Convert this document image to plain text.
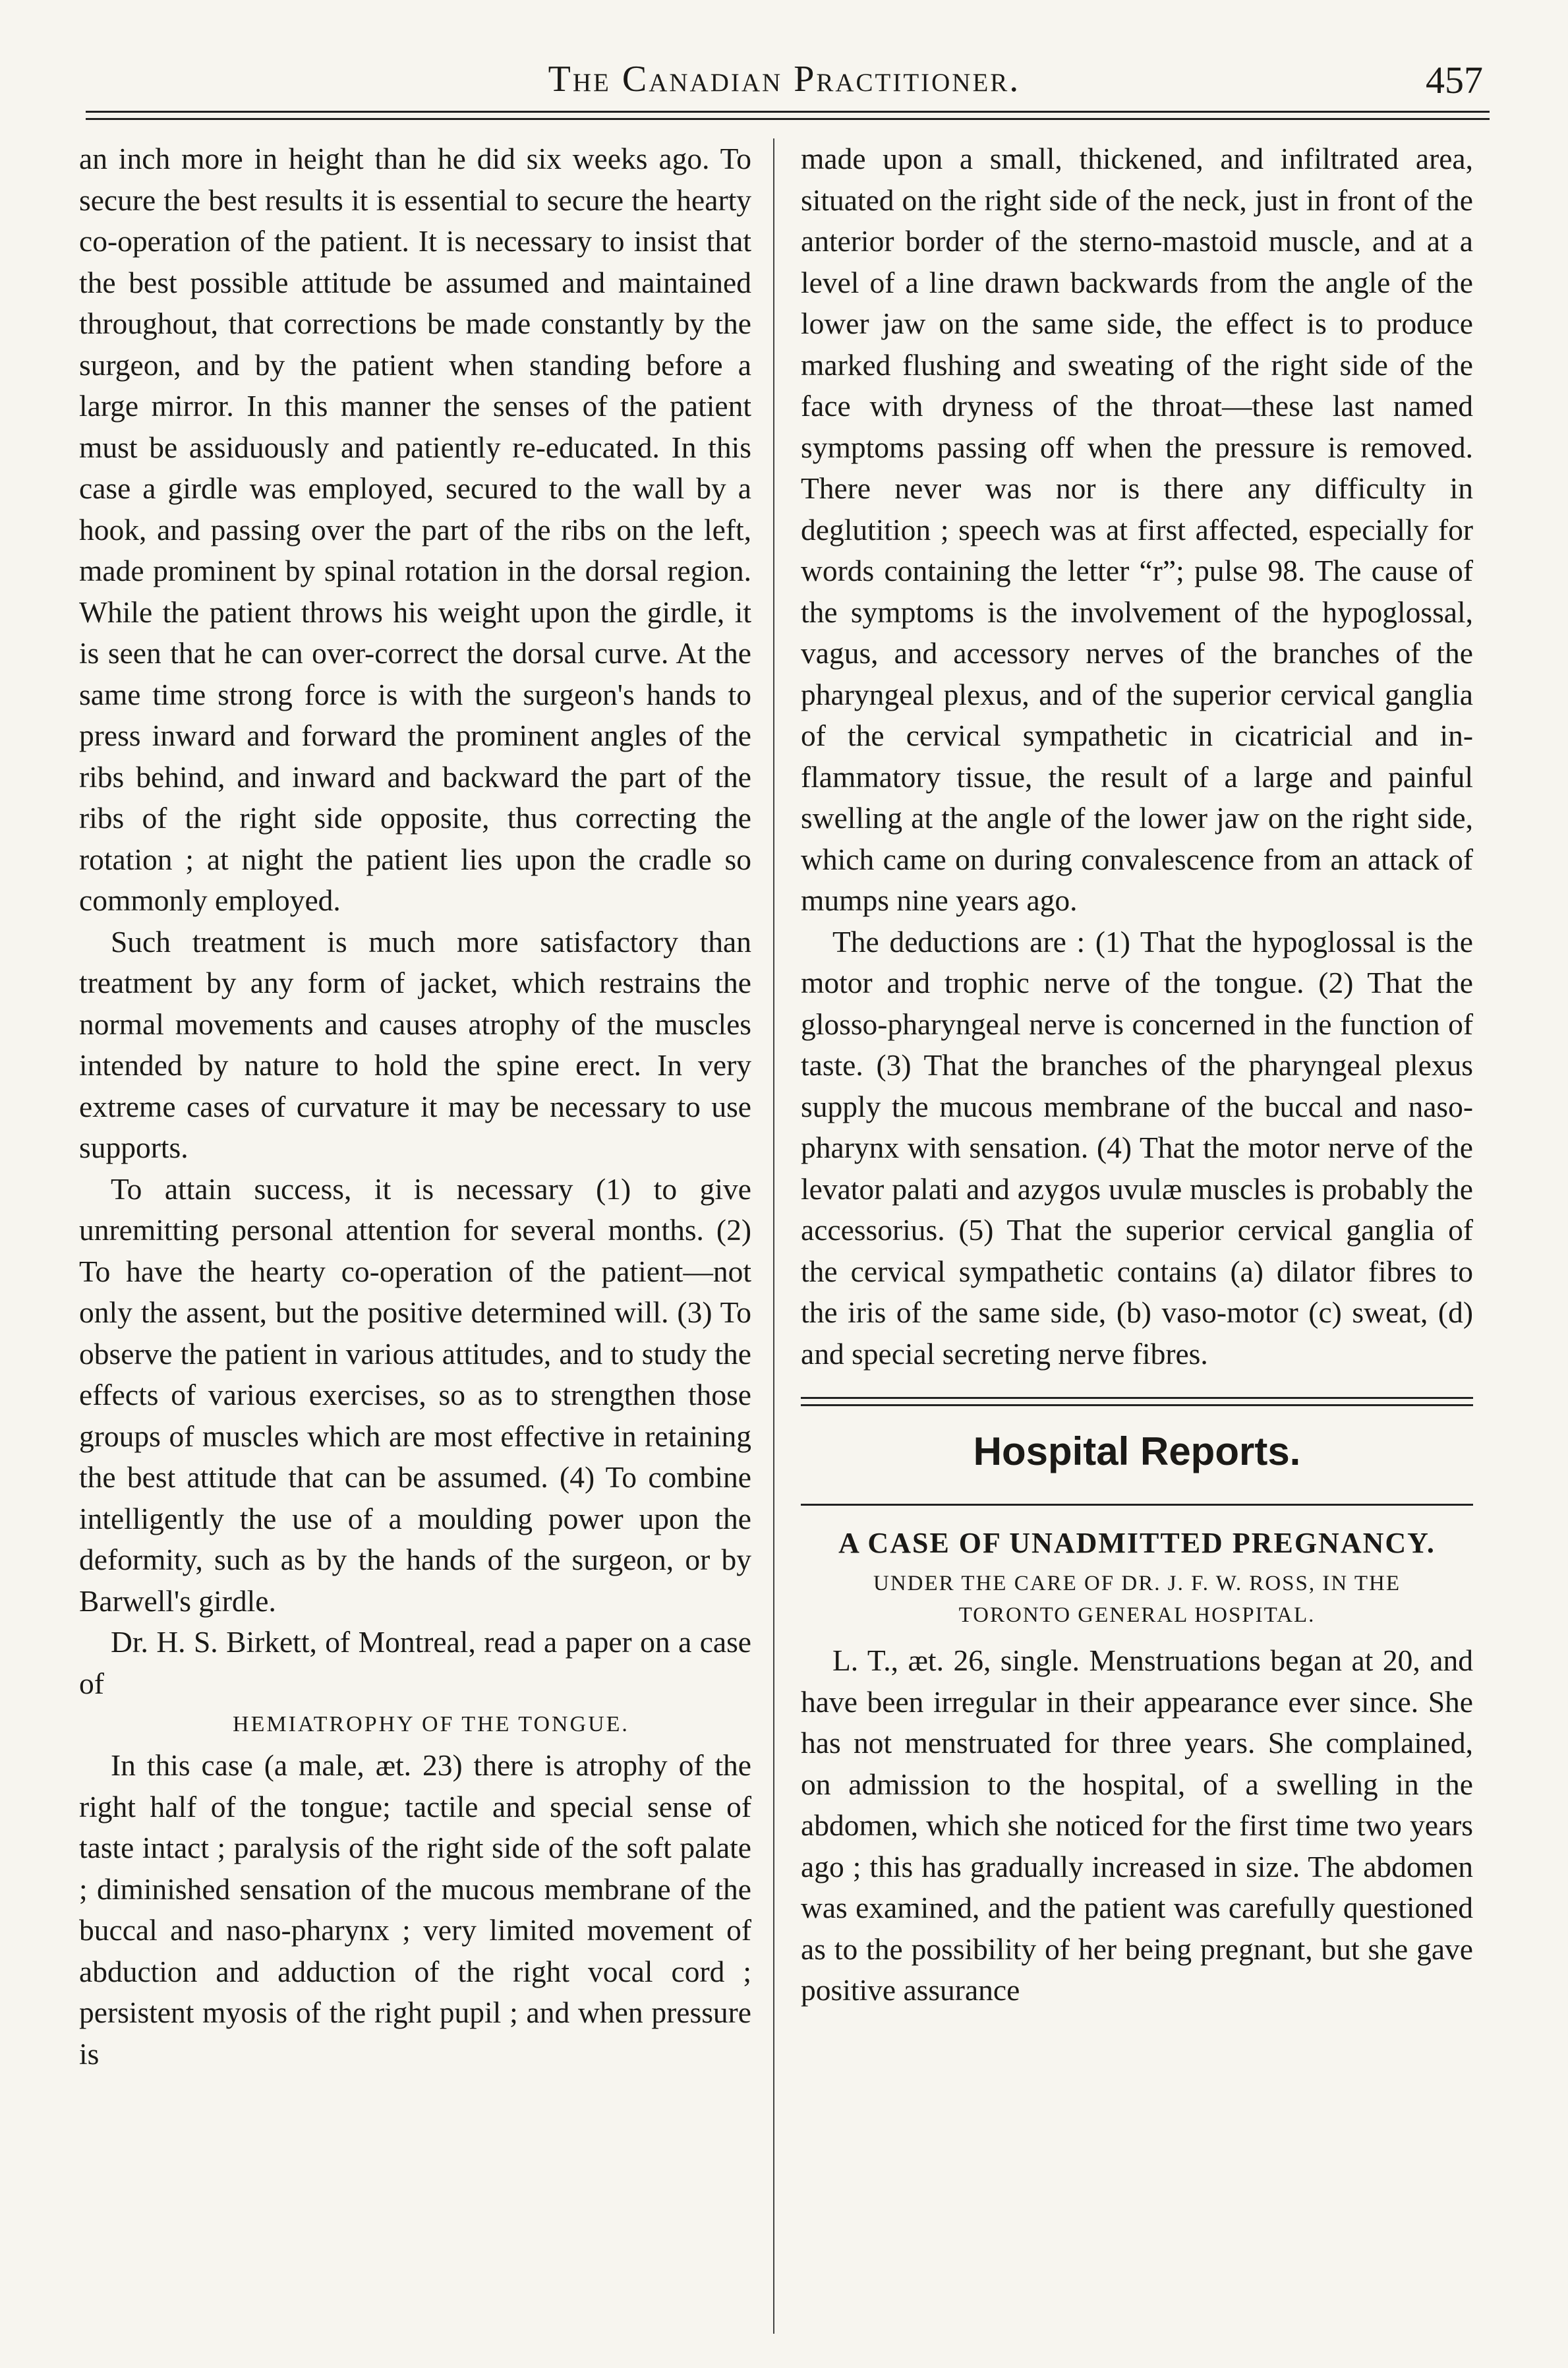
The Canadian Practitioner.	457

an inch more in height than he did six weeks ago. To secure the best results it is essential to secure the hearty co-operation of the patient. It is necessary to insist that the best possible attitude be assumed and maintained throughout, that corrections be made constantly by the surgeon, and by the patient when standing before a large mirror. In this manner the senses of the patient must be assiduously and patiently re-educated. In this case a girdle was employed, secured to the wall by a hook, and passing over the part of the ribs on the left, made prominent by spinal rotation in the dorsal region. While the patient throws his weight upon the girdle, it is seen that he can over-correct the dorsal curve. At the same time strong force is with the surgeon's hands to press inward and forward the prominent angles of the ribs behind, and inward and backward the part of the ribs of the right side opposite, thus correcting the rotation ; at night the patient lies upon the cradle so commonly employed.

Such treatment is much more satisfactory than treatment by any form of jacket, which restrains the normal movements and causes atrophy of the muscles intended by nature to hold the spine erect. In very extreme cases of curvature it may be necessary to use supports.

To attain success, it is necessary (1) to give unremitting personal attention for several months. (2) To have the hearty co-operation of the patient—not only the assent, but the positive determined will. (3) To observe the patient in various attitudes, and to study the effects of various exercises, so as to strengthen those groups of muscles which are most effective in retaining the best attitude that can be assumed. (4) To combine intelligently the use of a moulding power upon the deformity, such as by the hands of the surgeon, or by Barwell's girdle.

Dr. H. S. Birkett, of Montreal, read a paper on a case of

HEMIATROPHY OF THE TONGUE.

In this case (a male, æt. 23) there is atrophy of the right half of the tongue; tactile and special sense of taste intact ; paralysis of the right side of the soft palate ; diminished sensation of the mucous membrane of the buccal and naso-pharynx ; very limited movement of abduction and adduction of the right vocal cord ; persistent myosis of the right pupil ; and when pressure is

made upon a small, thickened, and infiltrated area, situated on the right side of the neck, just in front of the anterior border of the sterno-mastoid muscle, and at a level of a line drawn backwards from the angle of the lower jaw on the same side, the effect is to produce marked flushing and sweating of the right side of the face with dryness of the throat—these last named symptoms passing off when the pressure is removed. There never was nor is there any difficulty in deglutition ; speech was at first affected, especially for words containing the letter “r”; pulse 98. The cause of the symptoms is the involvement of the hypoglossal, vagus, and accessory nerves of the branches of the pharyngeal plexus, and of the superior cervical ganglia of the cervical sympathetic in cicatricial and inflammatory tissue, the result of a large and painful swelling at the angle of the lower jaw on the right side, which came on during convalescence from an attack of mumps nine years ago.

The deductions are : (1) That the hypoglossal is the motor and trophic nerve of the tongue. (2) That the glosso-pharyngeal nerve is concerned in the function of taste. (3) That the branches of the pharyngeal plexus supply the mucous membrane of the buccal and nasopharynx with sensation. (4) That the motor nerve of the levator palati and azygos uvulæ muscles is probably the accessorius. (5) That the superior cervical ganglia of the cervical sympathetic contains (a) dilator fibres to the iris of the same side, (b) vaso-motor (c) sweat, (d) and special secreting nerve fibres.

Hospital Reports.
A CASE OF UNADMITTED PREGNANCY.
UNDER THE CARE OF DR. J. F. W. ROSS, IN THE
TORONTO GENERAL HOSPITAL.

L. T., æt. 26, single. Menstruations began at 20, and have been irregular in their appearance ever since. She has not menstruated for three years. She complained, on admission to the hospital, of a swelling in the abdomen, which she noticed for the first time two years ago ; this has gradually increased in size. The abdomen was examined, and the patient was carefully questioned as to the possibility of her being pregnant, but she gave positive assurance
